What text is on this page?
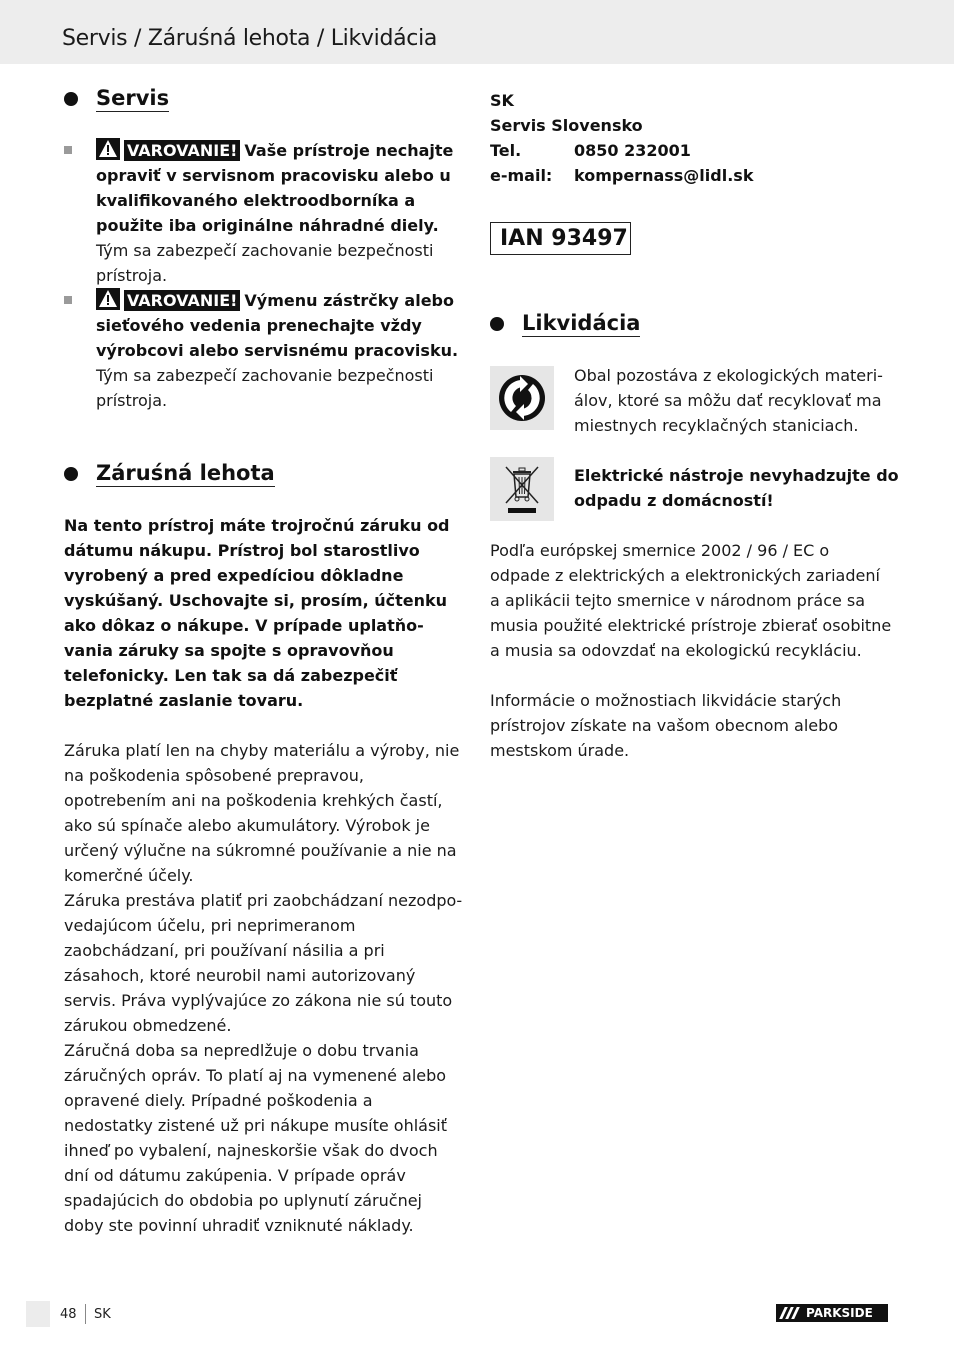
Servis / Záruśná lehota / Likvidácia
Servis

VAROVANIE! Vaše prístroje nechajte opraviť v servisnom pracovisku alebo u kvalifikovaného elektroodborníka a použite iba originálne náhradné diely. Tým sa zabezpečí zachovanie bezpečnosti prístroja.

VAROVANIE! Výmenu zástrčky alebo sieťového vedenia prenechajte vždy výrobcovi alebo servisnému pracovisku. Tým sa zabezpečí zachovanie bezpečnosti prístroja.

Záruśná lehota

Na tento prístroj máte trojročnú záruku od dátumu nákupu. Prístroj bol starostlivo vyrobený a pred expedíciou dôkladne vyskúšaný. Uschovajte si, prosím, účtenku ako dôkaz o nákupe. V prípade uplatňovania záruky sa spojte s opravovňou telefonicky. Len tak sa dá zabezpečiť bezplatné zaslanie tovaru.

Záruka platí len na chyby materiálu a výroby, nie na poškodenia spôsobené prepravou, opotrebením ani na poškodenia krehkých častí, ako sú spínače alebo akumulátory. Výrobok je určený výlučne na súkromné používanie a nie na komerčné účely.

Záruka prestáva platiť pri zaobchádzaní nezodpovedajúcom účelu, pri neprimeranom zaobchádzaní, pri používaní násilia a pri zásahoch, ktoré neurobil nami autorizovaný servis. Práva vyplývajúce zo zákona nie sú touto zárukou obmedzené.

Záručná doba sa nepredlžuje o dobu trvania záručných opráv. To platí aj na vymenené alebo opravené diely. Prípadné poškodenia a nedostatky zistené už pri nákupe musíte ohlásiť ihneď po vybalení, najneskoršie však do dvoch dní od dátumu zakúpenia. V prípade opráv spadajúcich do obdobia po uplynutí záručnej doby ste povinní uhradiť vzniknuté náklady.

SK
Servis Slovensko
Tel.	0850 232001
e-mail:	kompernass@lidl.sk
IAN 93497
Likvidácia

Obal pozostáva z ekologických materiálov, ktoré sa môžu dať recyklovať ma miestnych recyklačných staniciach.

Elektrické nástroje nevyhadzujte do odpadu z domácností!

Podľa európskej smernice 2002 / 96 / EC o odpade z elektrických a elektronických zariadení a aplikácii tejto smernice v národnom práce sa musia použité elektrické prístroje zbierať osobitne a musia sa odovzdať na ekologickú recykláciu.

Informácie o možnostiach likvidácie starých prístrojov získate na vašom obecnom alebo mestskom úrade.

48 SK	PARKSIDE
